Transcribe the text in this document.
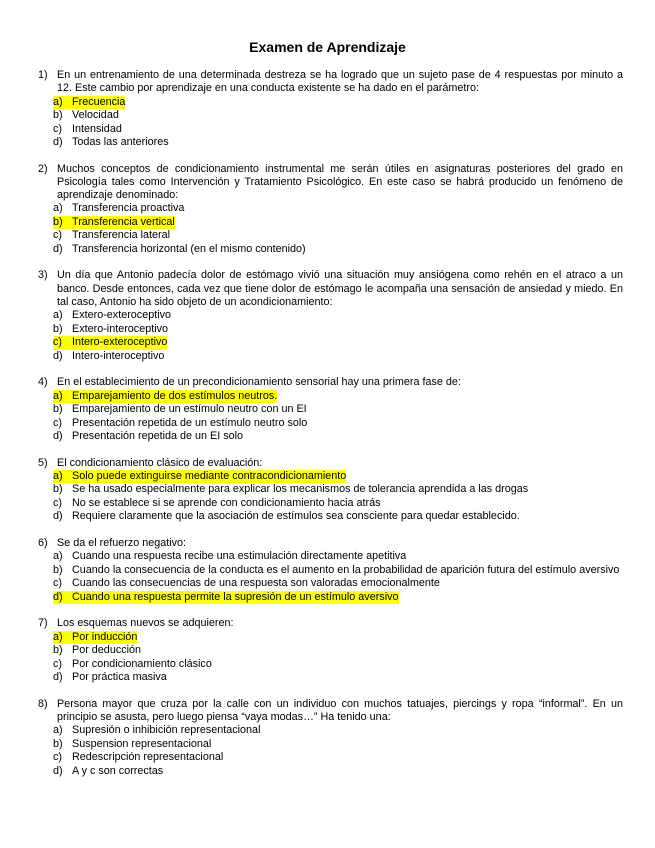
Examen de Aprendizaje
1) En un entrenamiento de una determinada destreza se ha logrado que un sujeto pase de 4 respuestas por minuto a 12. Este cambio por aprendizaje en una conducta existente se ha dado en el parámetro:
a) Frecuencia
b) Velocidad
c) Intensidad
d) Todas las anteriores
2) Muchos conceptos de condicionamiento instrumental me serán útiles en asignaturas posteriores del grado en Psicología tales como Intervención y Tratamiento Psicológico. En este caso se habrá producido un fenómeno de aprendizaje denominado:
a) Transferencia proactiva
b) Transferencia vertical
c) Transferencia lateral
d) Transferencia horizontal (en el mismo contenido)
3) Un día que Antonio padecía dolor de estómago vivió una situación muy ansiógena como rehén en el atraco a un banco. Desde entonces, cada vez que tiene dolor de estómago le acompaña una sensación de ansiedad y miedo. En tal caso, Antonio ha sido objeto de un acondicionamiento:
a) Extero-exteroceptivo
b) Extero-interoceptivo
c) Intero-exteroceptivo
d) Intero-interoceptivo
4) En el establecimiento de un precondicionamiento sensorial hay una primera fase de:
a) Emparejamiento de dos estímulos neutros.
b) Emparejamiento de un estímulo neutro con un EI
c) Presentación repetida de un estímulo neutro solo
d) Presentación repetida de un EI solo
5) El condicionamiento clásico de evaluación:
a) Solo puede extinguirse mediante contracondicionamiento
b) Se ha usado especialmente para explicar los mecanismos de tolerancia aprendida a las drogas
c) No se establece si se aprende con condicionamiento hacia atrás
d) Requiere claramente que la asociación de estímulos sea consciente para quedar establecido.
6) Se da el refuerzo negativo:
a) Cuando una respuesta recibe una estimulación directamente apetitiva
b) Cuando la consecuencia de la conducta es el aumento en la probabilidad de aparición futura del estímulo aversivo
c) Cuando las consecuencias de una respuesta son valoradas emocionalmente
d) Cuando una respuesta permite la supresión de un estímulo aversivo
7) Los esquemas nuevos se adquieren:
a) Por inducción
b) Por deducción
c) Por condicionamiento clásico
d) Por práctica masiva
8) Persona mayor que cruza por la calle con un individuo con muchos tatuajes, piercings y ropa “informal”. En un principio se asusta, pero luego piensa “vaya modas…” Ha tenido una:
a) Supresión o inhibición representacional
b) Suspension representacional
c) Redescripción representacional
d) A y c son correctas
